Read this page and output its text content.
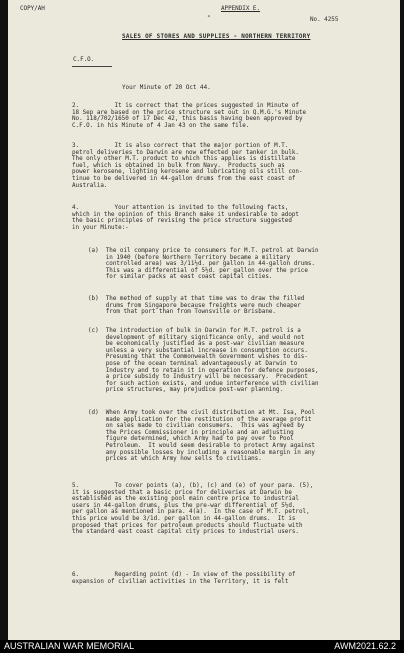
COPY/AH	APPENDIX E.
-	No. 4255
SALES OF STORES AND SUPPLIES - NORTHERN TERRITORY
C.F.O.
Your Minute of 20 Oct 44.
2.          It is correct that the prices suggested in Minute of
18 Sep are based on the price structure set out in Q.M.G.'s Minute
No. 118/702/1650 of 17 Dec 42, this basis having been approved by
C.F.O. in his Minute of 4 Jan 43 on the same file.
3.          It is also correct that the major portion of M.T.
petrol deliveries to Darwin are now effected per tanker in bulk.
The only other M.T. product to which this applies is distillate
fuel, which is obtained in bulk from Navy.  Products such as
power kerosene, lighting kerosene and lubricating oils still con-
tinue to be delivered in 44-gallon drums from the east coast of
Australia.
4.          Your attention is invited to the following facts,
which in the opinion of this Branch make it undesirable to adopt
the basic principles of revising the price structure suggested
in your Minute:-
(a)  The oil company price to consumers for M.T. petrol at Darwin
in 1940 (before Northern Territory became a military
controlled area) was 3/11½d. per gallon in 44-gallon drums.
This was a differential of 5½d. per gallon over the price
for similar packs at east coast capital cities.
(b)  The method of supply at that time was to draw the filled
drums from Singapore because freights were much cheaper
from that port than from Townsville or Brisbane.
(c)  The introduction of bulk in Darwin for M.T. petrol is a
development of military significance only, and would not
be economically justified as a post-war civilian measure
unless a very substantial increase in consumption occurs.
Presuming that the Commonwealth Government wishes to dis-
pose of the ocean terminal advantageously at Darwin to
Industry and to retain it in operation for defence purposes,
a price subsidy to Industry will be necessary.  Precedent
for such action exists, and undue interference with civilian
price structures, may prejudice post-war planning.
(d)  When Army took over the civil distribution at Mt. Isa, Pool
made application for the restitution of the average profit
on sales made to civilian consumers.  This was agreed by
the Prices Commissioner in principle and an adjusting
figure determined, which Army had to pay over to Pool
Petroleum.  It would seem desirable to protect Army against
any possible losses by including a reasonable margin in any
prices at which Army now sells to civilians.
5.          To cover points (a), (b), (c) and (e) of your para. (5),
it is suggested that a basic price for deliveries at Darwin be
established as the existing pool main centre price to industrial
users in 44-gallon drums, plus the pre-war differential of 5½d.
per gallon as mentioned in para. 4(a).  In the case of M.T. petrol,
this price would be 3/1d. per gallon in 44-gallon drums.  It is
proposed that prices for petroleum products should fluctuate with
the standard east coast capital city prices to industrial users.
6.          Regarding point (d) - In view of the possibility of
expansion of civilian activities in the Territory, it is felt
AUSTRALIAN WAR MEMORIAL	AWM2021.62.2
